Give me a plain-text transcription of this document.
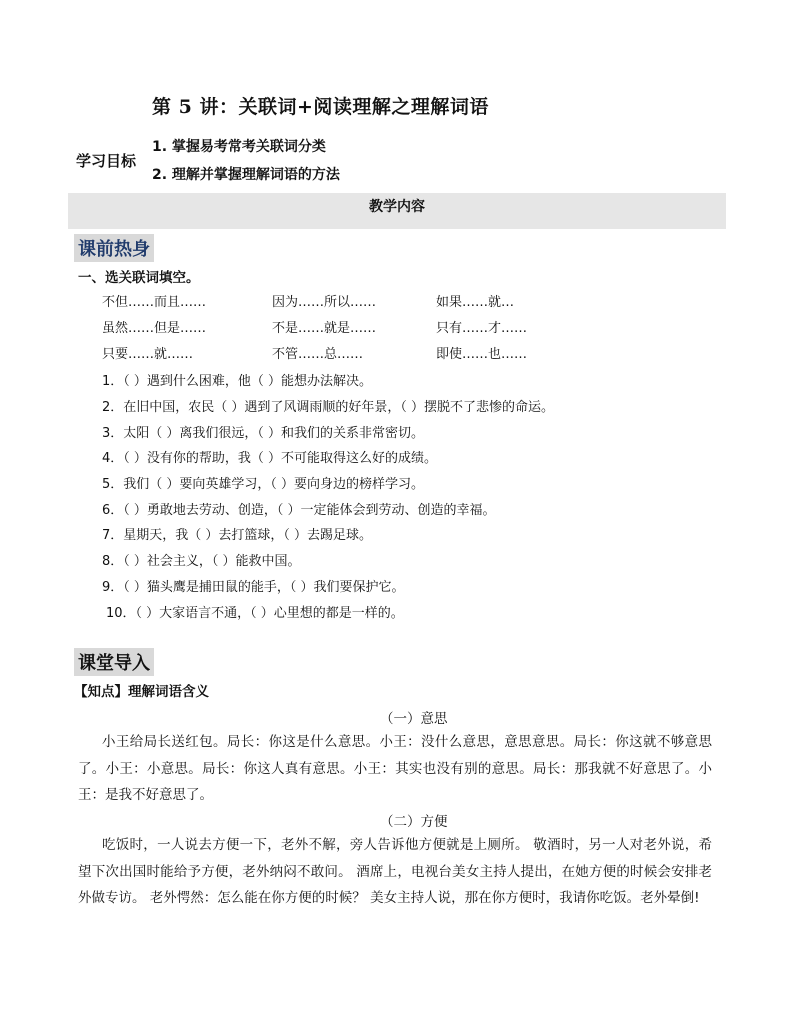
第 5 讲：关联词+阅读理解之理解词语
学习目标
1. 掌握易考常考关联词分类
2. 理解并掌握理解词语的方法
教学内容
课前热身
一、选关联词填空。
不但……而且……	因为……所以……	如果……就…
虽然……但是……	不是……就是……	只有……才……
只要……就……	不管……总……	即使……也……
1．（ ）遇到什么困难，他（ ）能想办法解决。
2．在旧中国，农民（ ）遇到了风调雨顺的好年景，（ ）摆脱不了悲惨的命运。
3．太阳（ ）离我们很远，（ ）和我们的关系非常密切。
4．（ ）没有你的帮助，我（ ）不可能取得这么好的成绩。
5．我们（ ）要向英雄学习，（ ）要向身边的榜样学习。
6．（ ）勇敢地去劳动、创造，（ ）一定能体会到劳动、创造的幸福。
7．星期天，我（ ）去打篮球，（ ）去踢足球。
8．（ ）社会主义，（ ）能救中国。
9．（ ）猫头鹰是捕田鼠的能手，（ ）我们要保护它。
10．（ ）大家语言不通，（ ）心里想的都是一样的。
课堂导入
【知点】理解词语含义
（一）意思
小王给局长送红包。局长：你这是什么意思。小王：没什么意思，意思意思。局长：你这就不够意思了。小王：小意思。局长：你这人真有意思。小王：其实也没有别的意思。局长：那我就不好意思了。小王：是我不好意思了。
（二）方便
吃饭时，一人说去方便一下，老外不解，旁人告诉他方便就是上厕所。 敬酒时，另一人对老外说，希望下次出国时能给予方便，老外纳闷不敢问。 酒席上，电视台美女主持人提出，在她方便的时候会安排老外做专访。 老外愕然：怎么能在你方便的时候？ 美女主持人说，那在你方便时，我请你吃饭。老外晕倒!
